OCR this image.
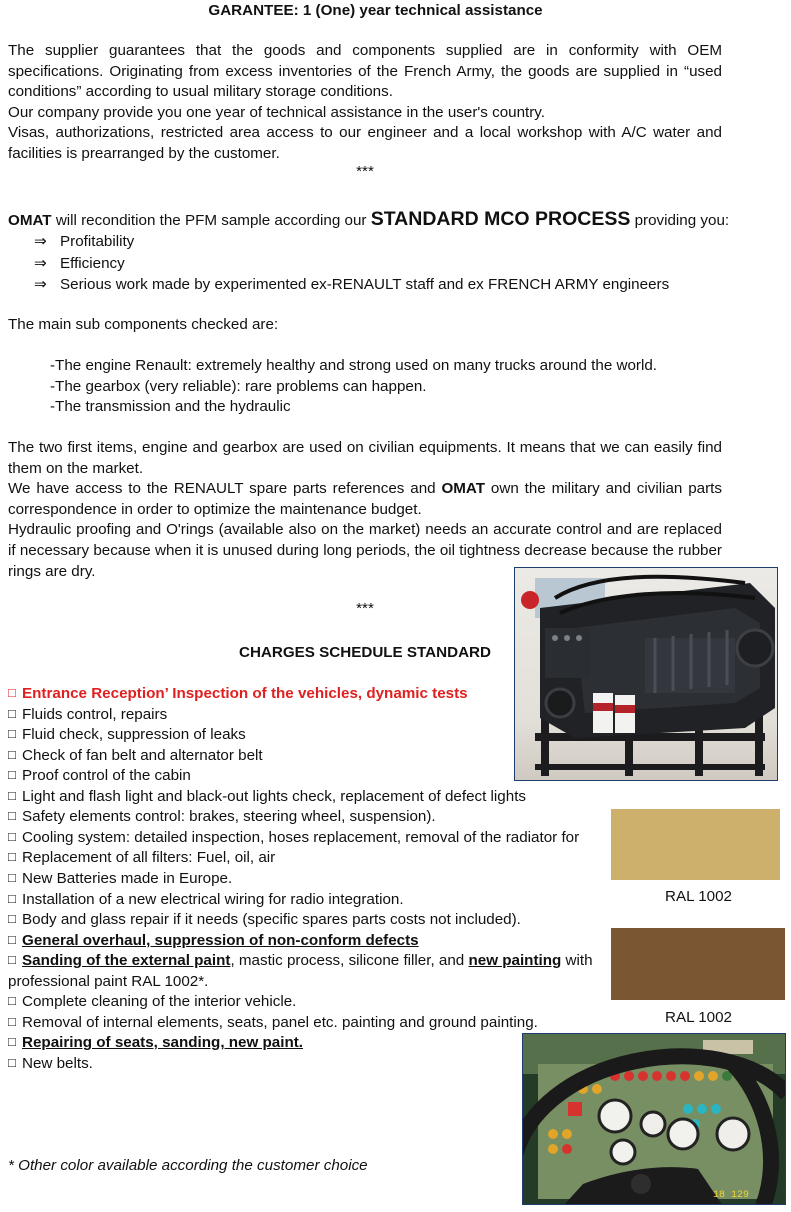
GARANTEE: 1 (One) year technical assistance

The supplier guarantees that the goods and components supplied are in conformity with OEM specifications. Originating from excess inventories of the French Army, the goods are supplied in “used conditions” according to usual military storage conditions.

Our company provide you one year of technical assistance in the user's country.

Visas, authorizations, restricted area access to our engineer and a local workshop with A/C water and facilities is prearranged by the customer.

***
OMAT will recondition the PFM sample according our STANDARD MCO PROCESS providing you:
⇒ Profitability
⇒ Efficiency
⇒ Serious work made by experimented ex-RENAULT staff and ex FRENCH ARMY engineers
The main sub components checked are:
-The engine Renault: extremely healthy and strong used on many trucks around the world.
-The gearbox (very reliable): rare problems can happen.
-The transmission and the hydraulic

The two first items, engine and gearbox are used on civilian equipments. It means that we can easily find them on the market.

We have access to the RENAULT spare parts references and OMAT own the military and civilian parts correspondence in order to optimize the maintenance budget.

Hydraulic proofing and O'rings (available also on the market) needs an accurate control and are replaced if necessary because when it is unused during long periods, the oil tightness decrease because the rubber rings are dry.

***
CHARGES SCHEDULE STANDARD
□ Entrance Reception’ Inspection of the vehicles, dynamic tests
□ Fluids control, repairs
□ Fluid check, suppression of leaks
□ Check of fan belt and alternator belt
□ Proof control of the cabin
□ Light and flash light and black-out lights check, replacement of defect lights
□ Safety elements control: brakes, steering wheel, suspension).
□ Cooling system: detailed inspection, hoses replacement, removal of the radiator for
□ Replacement of all filters: Fuel, oil, air
□ New Batteries made in Europe.
□ Installation of a new electrical wiring for radio integration.
□ Body and glass repair if it needs (specific spares parts costs not included).
□ General overhaul, suppression of non-conform defects
□ Sanding of the external paint, mastic process, silicone filler, and new painting with
professional paint RAL 1002*.
□ Complete cleaning of the interior vehicle.
□ Removal of internal elements, seats, panel etc. painting and ground painting.
□ Repairing of seats, sanding, new paint.
□ New belts.
RAL 1002
RAL 1002
18 129
* Other color available according the customer choice
